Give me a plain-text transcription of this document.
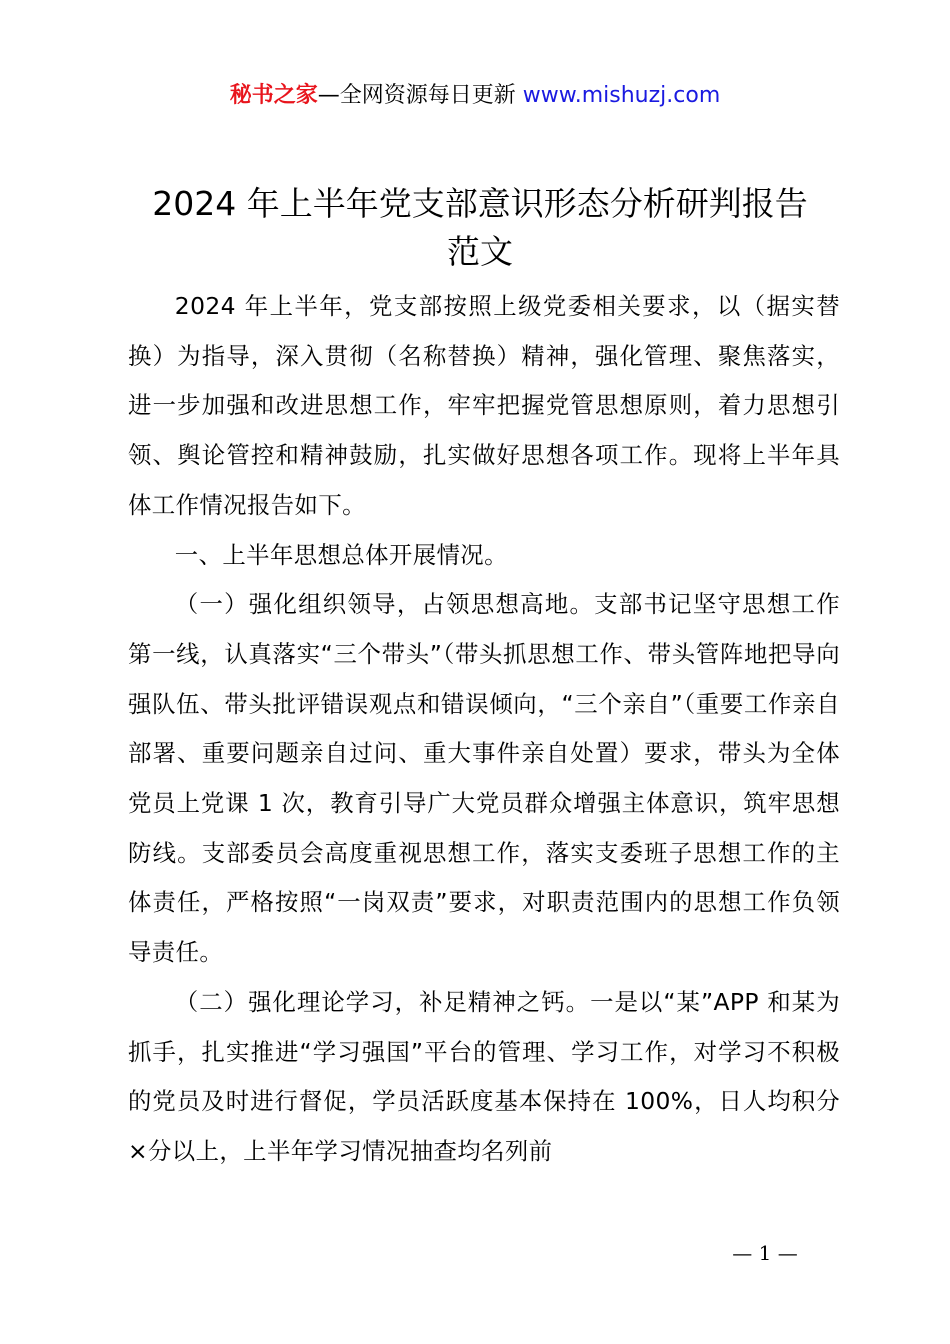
秘书之家—全网资源每日更新 www.mishuzj.com
2024 年上半年党支部意识形态分析研判报告
范文

2024 年上半年，党支部按照上级党委相关要求，以（据实替换）为指导，深入贯彻（名称替换）精神，强化管理、聚焦落实，进一步加强和改进思想工作，牢牢把握党管思想原则，着力思想引领、舆论管控和精神鼓励，扎实做好思想各项工作。现将上半年具体工作情况报告如下。

一、上半年思想总体开展情况。

（一）强化组织领导，占领思想高地。支部书记坚守思想工作第一线，认真落实“三个带头”（带头抓思想工作、带头管阵地把导向强队伍、带头批评错误观点和错误倾向，“三个亲自”（重要工作亲自部署、重要问题亲自过问、重大事件亲自处置）要求，带头为全体党员上党课 1 次，教育引导广大党员群众增强主体意识，筑牢思想防线。支部委员会高度重视思想工作，落实支委班子思想工作的主体责任，严格按照“一岗双责”要求，对职责范围内的思想工作负领导责任。

（二）强化理论学习，补足精神之钙。一是以“某”APP 和某为抓手，扎实推进“学习强国”平台的管理、学习工作，对学习不积极的党员及时进行督促，学员活跃度基本保持在 100%，日人均积分×分以上，上半年学习情况抽查均名列前

— 1 —
